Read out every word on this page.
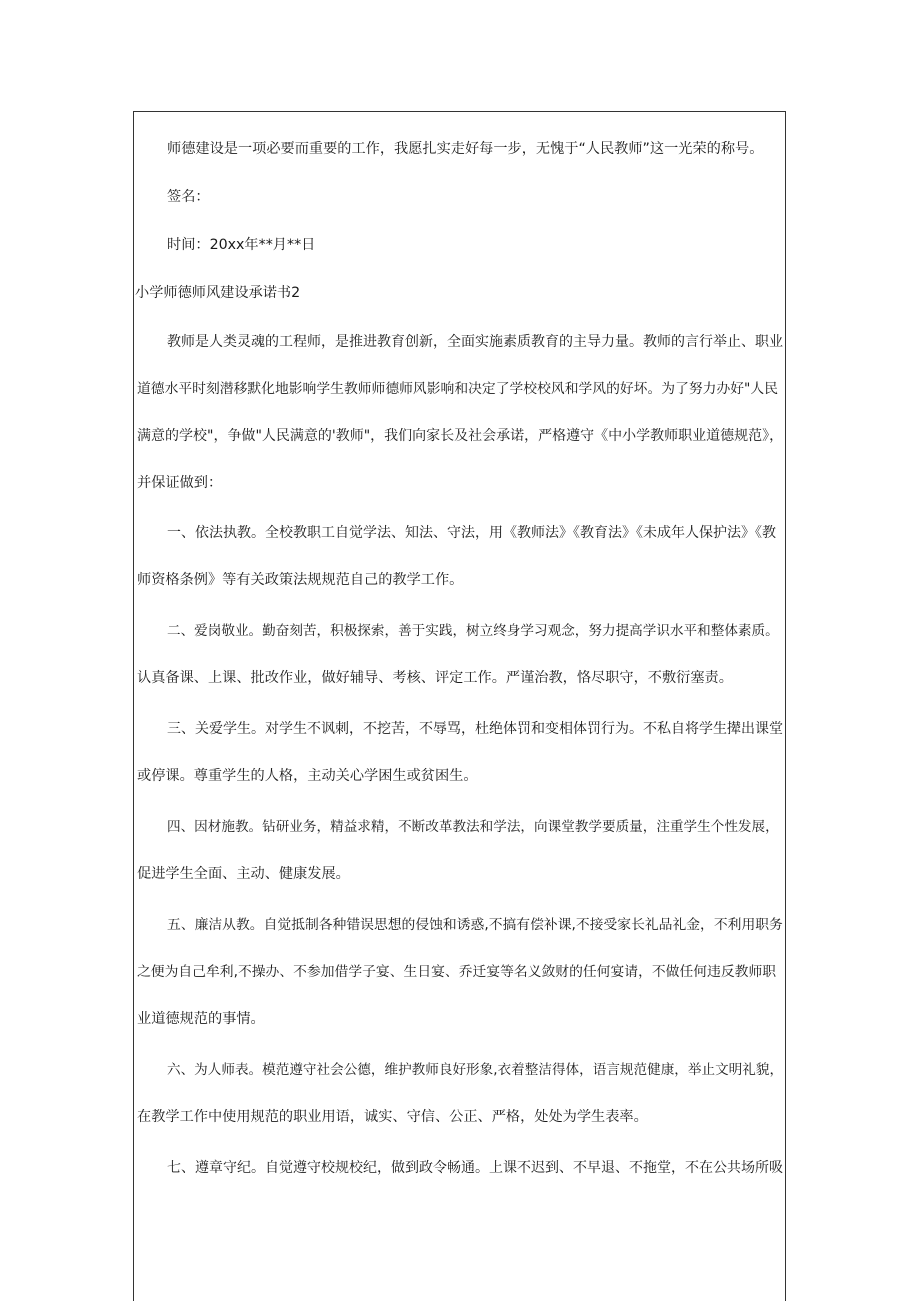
师德建设是一项必要而重要的工作，我愿扎实走好每一步，无愧于“人民教师”这一光荣的称号。
签名：
时间：20xx年**月**日
小学师德师风建设承诺书2
教师是人类灵魂的工程师，是推进教育创新，全面实施素质教育的主导力量。教师的言行举止、职业
道德水平时刻潜移默化地影响学生教师师德师风影响和决定了学校校风和学风的好坏。为了努力办好"人民
满意的学校"，争做"人民满意的'教师"，我们向家长及社会承诺，严格遵守《中小学教师职业道德规范》，
并保证做到：
一、依法执教。全校教职工自觉学法、知法、守法，用《教师法》《教育法》《未成年人保护法》《教
师资格条例》等有关政策法规规范自己的教学工作。
二、爱岗敬业。勤奋刻苦，积极探索，善于实践，树立终身学习观念，努力提高学识水平和整体素质。
认真备课、上课、批改作业，做好辅导、考核、评定工作。严谨治教，恪尽职守，不敷衍塞责。
三、关爱学生。对学生不讽刺，不挖苦，不辱骂，杜绝体罚和变相体罚行为。不私自将学生撵出课堂
或停课。尊重学生的人格，主动关心学困生或贫困生。
四、因材施教。钻研业务，精益求精，不断改革教法和学法，向课堂教学要质量，注重学生个性发展，
促进学生全面、主动、健康发展。
五、廉洁从教。自觉抵制各种错误思想的侵蚀和诱惑,不搞有偿补课,不接受家长礼品礼金，不利用职务
之便为自己牟利,不操办、不参加借学子宴、生日宴、乔迁宴等名义敛财的任何宴请，不做任何违反教师职
业道德规范的事情。
六、为人师表。模范遵守社会公德，维护教师良好形象,衣着整洁得体，语言规范健康，举止文明礼貌，
在教学工作中使用规范的职业用语，诚实、守信、公正、严格，处处为学生表率。
七、遵章守纪。自觉遵守校规校纪，做到政令畅通。上课不迟到、不早退、不拖堂，不在公共场所吸
